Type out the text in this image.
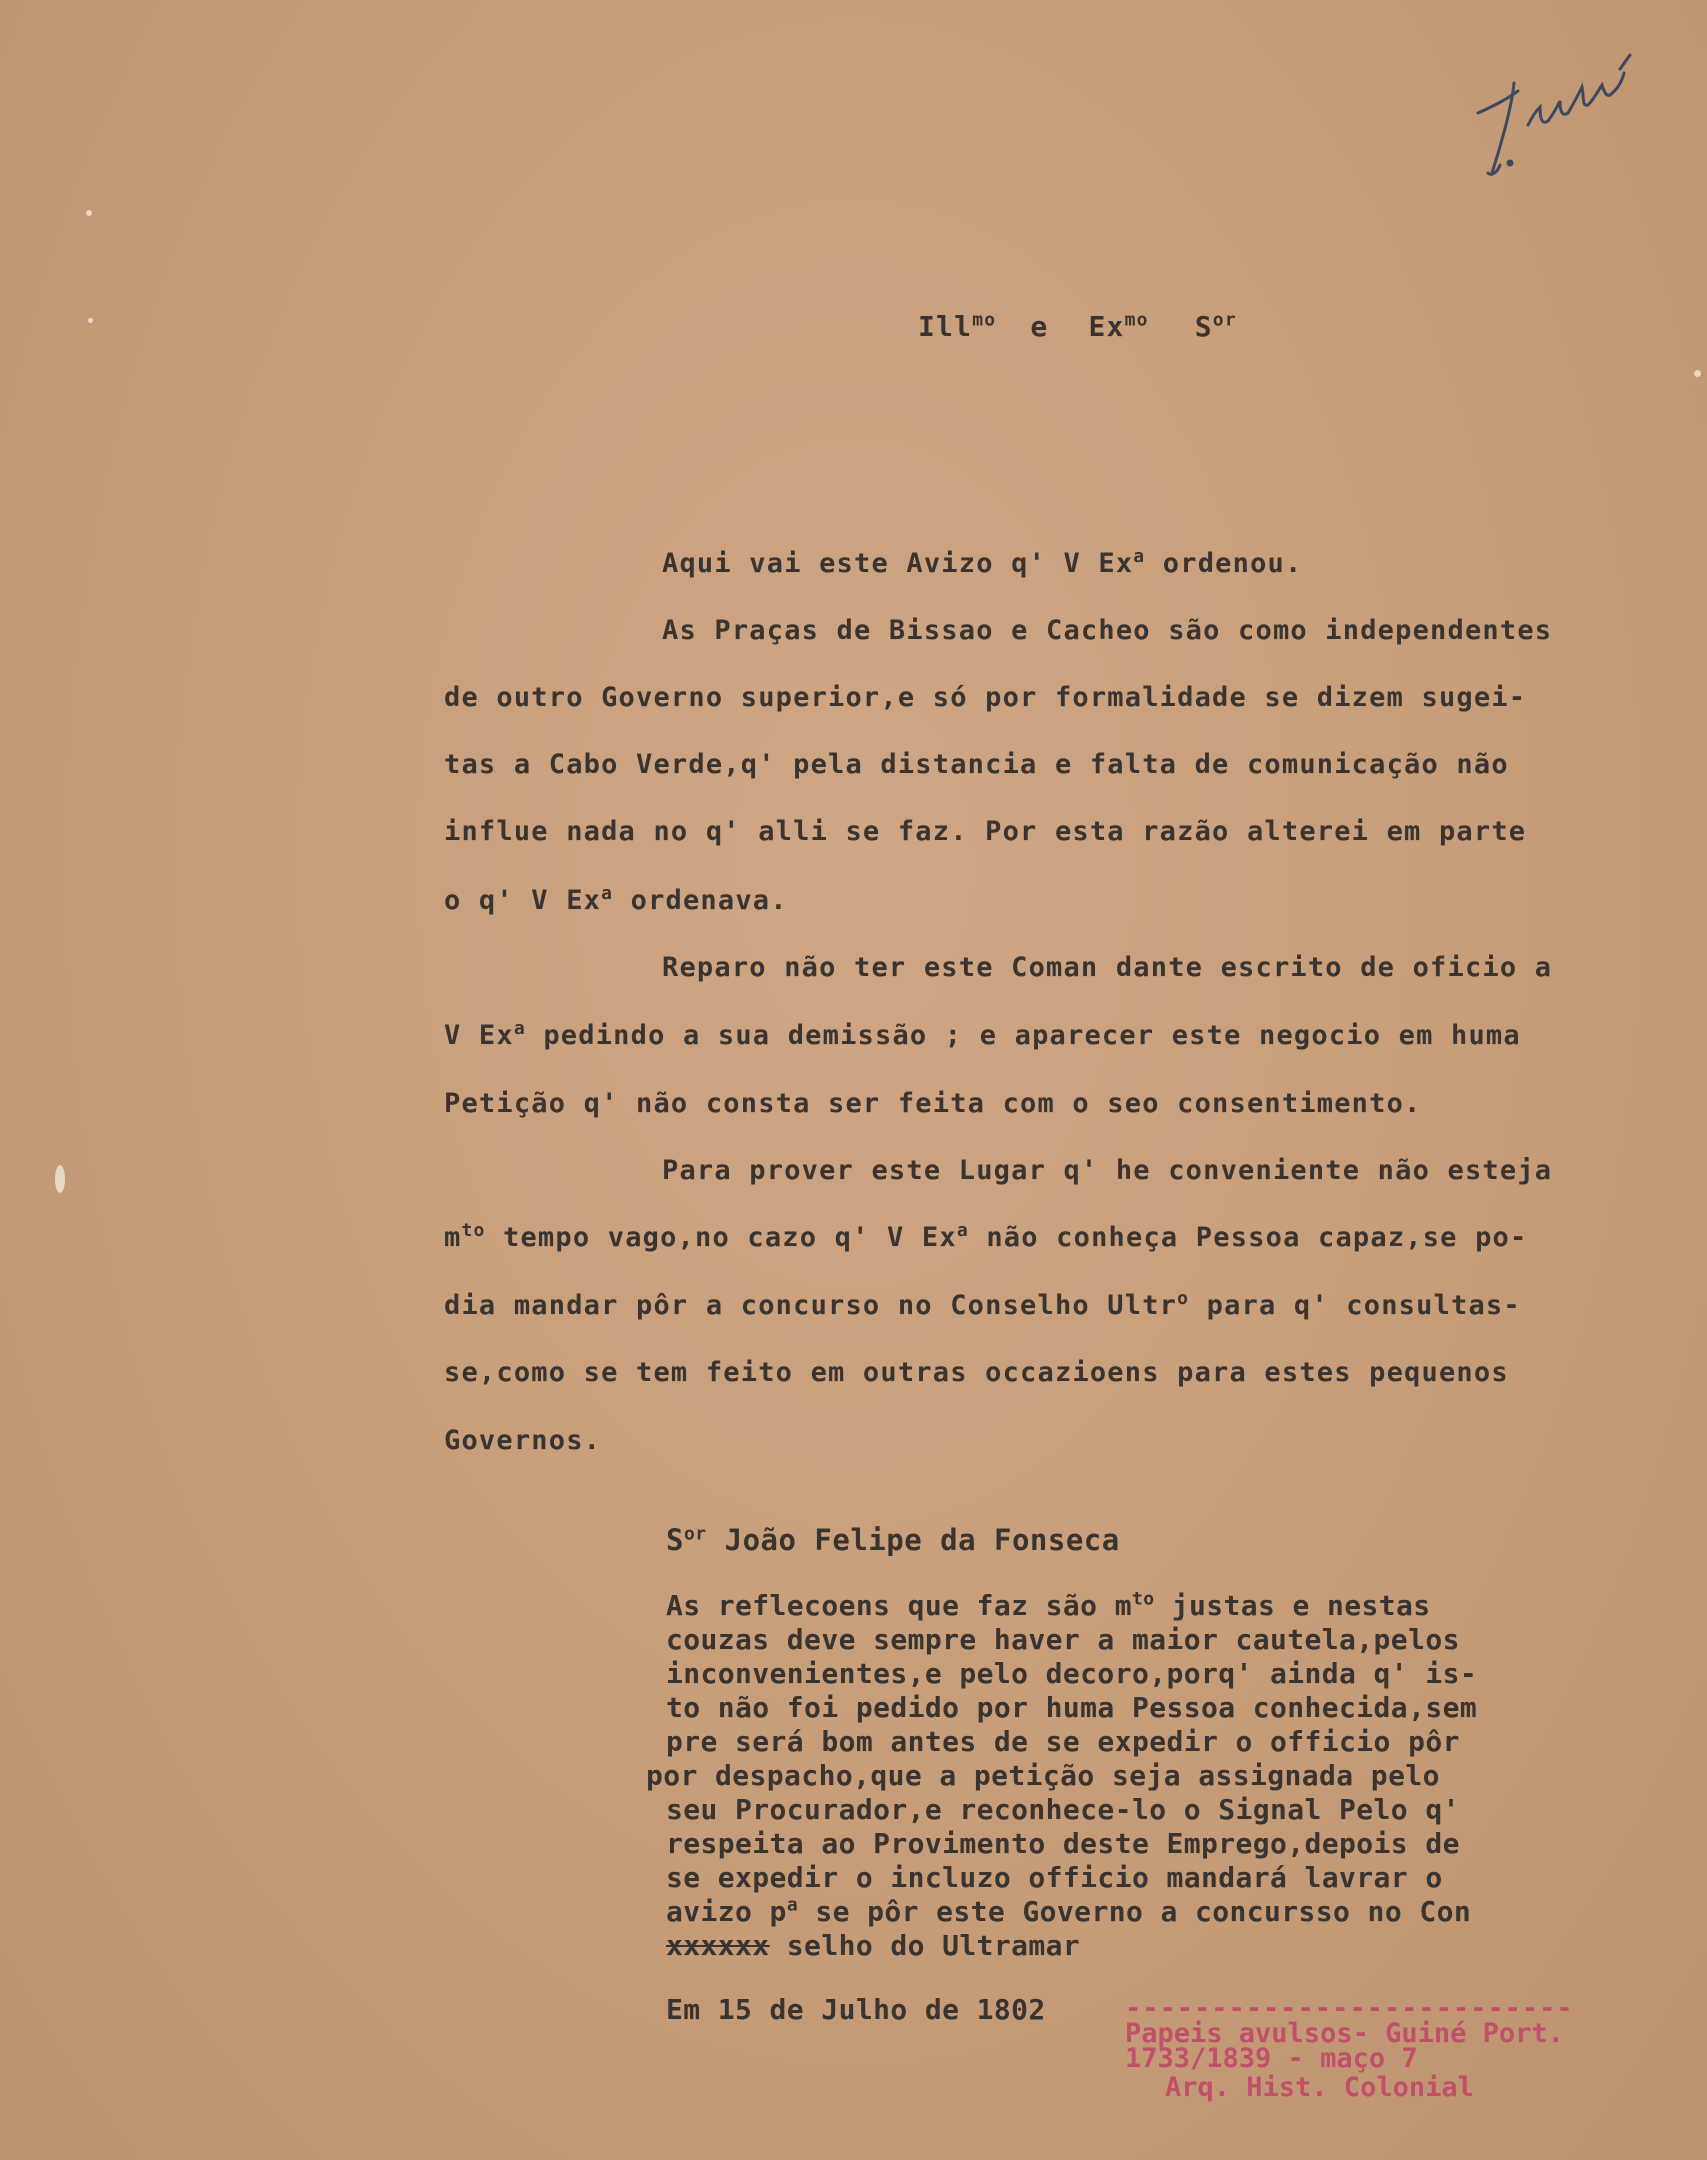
Ill$^{mo}$ e $Ex^{mo}$ $S^{or}$
Aqui vai este Avizo q' V Ex$^a$ ordenou.
As Praças de Bissao e Cacheo são como independentes
de outro Governo superior,e só por formalidade se dizem sugei-
tas a Cabo Verde,q' pela distancia e falta de comunicação não
influe nada no q' alli se faz. Por esta razão alterei em parte
o q' V Ex$^a$ ordenava.
Reparo não ter este Coman dante escrito de oficio a
V Ex$^a$ pedindo a sua demissão ; e aparecer este negocio em huma
Petição q' não consta ser feita com o seo consentimento.
Para prover este Lugar q' he conveniente não esteja
$m^{to}$ tempo vago,no cazo q' V Ex$^a$ não conheça Pessoa capaz,se po-
dia mandar pôr a concurso no Conselho Ultr$^o$ para q' consultas-
se,como se tem feito em outras occazioens para estes pequenos
Governos.
$S^{or}$ João Felipe da Fonseca
As reflecoens que faz são $m^{to}$ justas e nestas
couzas deve sempre haver a maior cautela,pelos
inconvenientes,e pelo decoro,porq' ainda q' is-
to não foi pedido por huma Pessoa conhecida,sem
pre será bom antes de se expedir o officio pôr
por despacho,que a petição seja assignada pelo
seu Procurador,e reconhece-lo o Signal Pelo q'
respeita ao Provimento deste Emprego,depois de
se expedir o incluzo officio mandará lavrar o
avizo $p^a$ se pôr este Governo a concursso no Con
xxxxxx selho do Ultramar
Em 15 de Julho de 1802	--------------------------
Papeis avulsos- Guiné Port.
1733/1839 - maço 7
Arq. Hist. Colonial
